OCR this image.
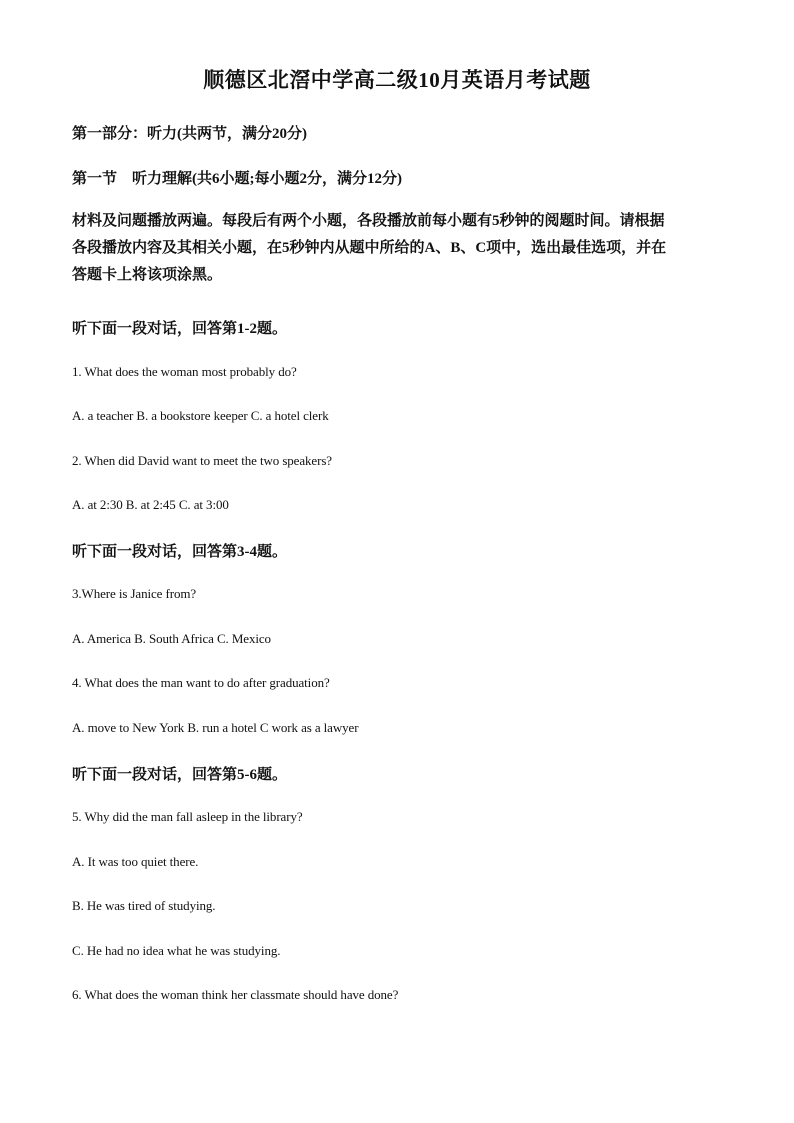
顺德区北滘中学高二级10月英语月考试题
第一部分：听力(共两节，满分20分)
第一节　听力理解(共6小题;每小题2分，满分12分)
材料及问题播放两遍。每段后有两个小题，各段播放前每小题有5秒钟的阅题时间。请根据
各段播放内容及其相关小题，在5秒钟内从题中所给的A、B、C项中，选出最佳选项，并在
答题卡上将该项涂黑。
听下面一段对话，回答第1-2题。
1. What does the woman most probably do?
A. a teacher B. a bookstore keeper C. a hotel clerk
2. When did David want to meet the two speakers?
A. at 2:30 B. at 2:45 C. at 3:00
听下面一段对话，回答第3-4题。
3.Where is Janice from?
A. America B. South Africa C. Mexico
4. What does the man want to do after graduation?
A. move to New York B. run a hotel C work as a lawyer
听下面一段对话，回答第5-6题。
5. Why did the man fall asleep in the library?
A. It was too quiet there.
B. He was tired of studying.
C. He had no idea what he was studying.
6. What does the woman think her classmate should have done?
